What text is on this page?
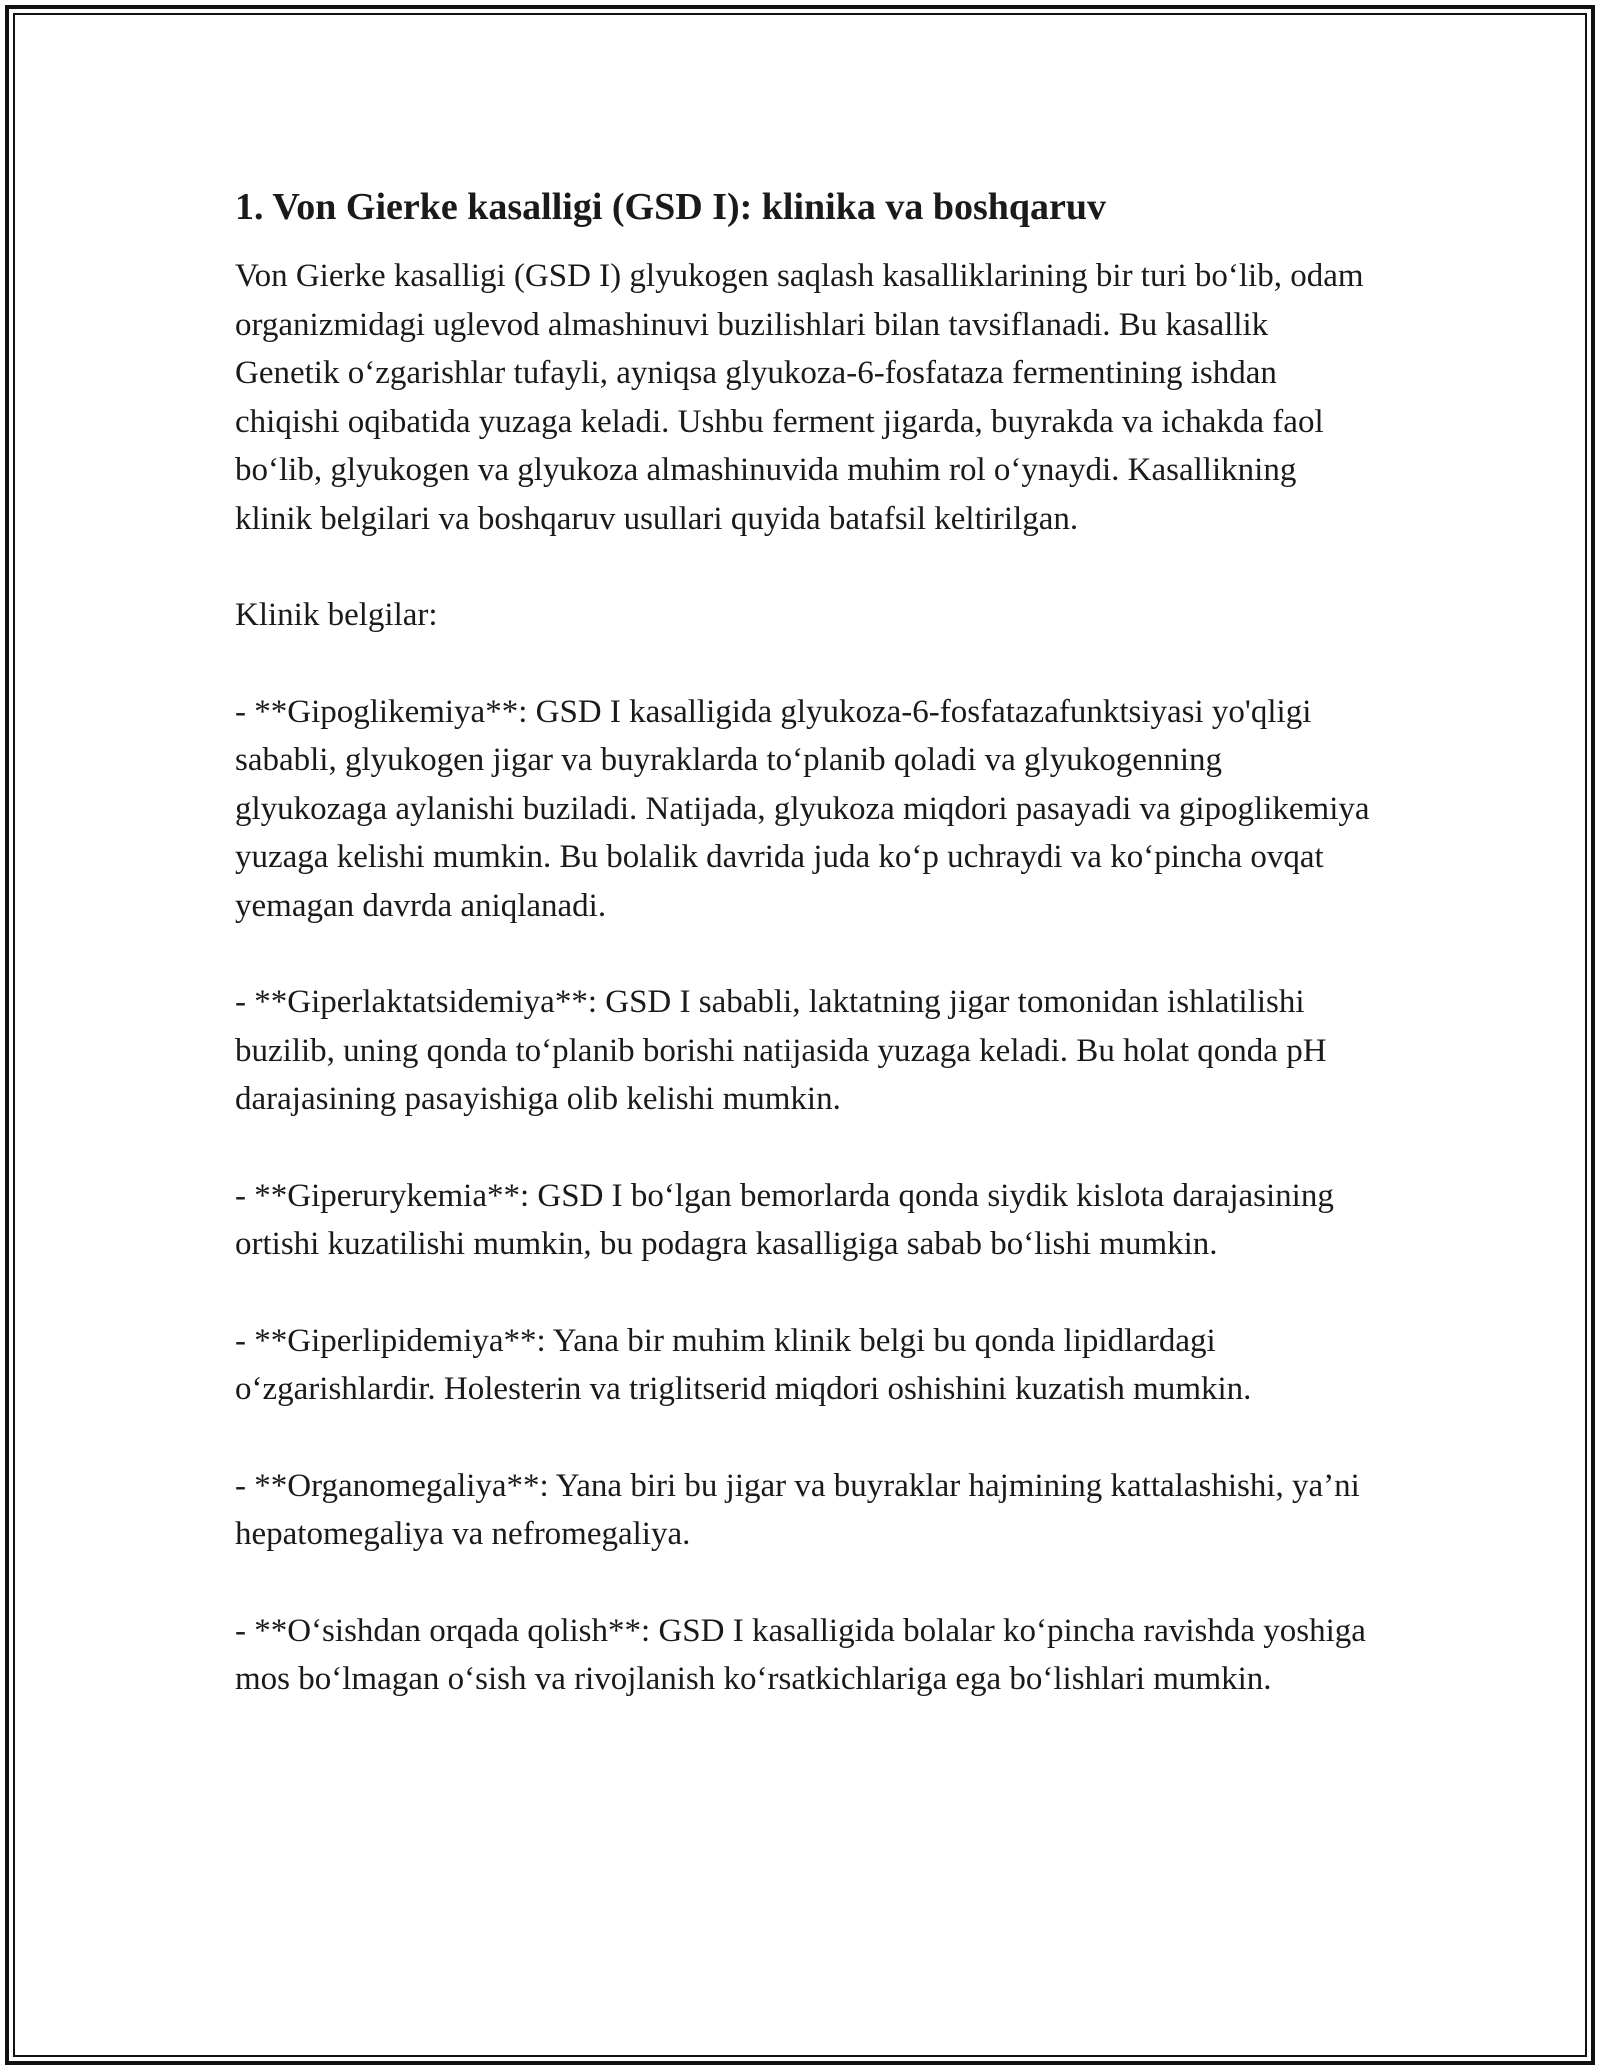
1. Von Gierke kasalligi (GSD I): klinika va boshqaruv

Von Gierke kasalligi (GSD I) glyukogen saqlash kasalliklarining bir turi boʻlib, odam organizmidagi uglevod almashinuvi buzilishlari bilan tavsiflanadi. Bu kasallik Genetik oʻzgarishlar tufayli, ayniqsa glyukoza-6-fosfataza fermentining ishdan chiqishi oqibatida yuzaga keladi. Ushbu ferment jigarda, buyrakda va ichakda faol boʻlib, glyukogen va glyukoza almashinuvida muhim rol oʻynaydi. Kasallikning klinik belgilari va boshqaruv usullari quyida batafsil keltirilgan.

Klinik belgilar:

- **Gipoglikemiya**: GSD I kasalligida glyukoza-6-fosfatazafunktsiyasi yo'qligi sababli, glyukogen jigar va buyraklarda toʻplanib qoladi va glyukogenning glyukozaga aylanishi buziladi. Natijada, glyukoza miqdori pasayadi va gipoglikemiya yuzaga kelishi mumkin. Bu bolalik davrida juda koʻp uchraydi va koʻpincha ovqat yemagan davrda aniqlanadi.

- **Giperlaktatsidemiya**: GSD I sababli, laktatning jigar tomonidan ishlatilishi buzilib, uning qonda toʻplanib borishi natijasida yuzaga keladi. Bu holat qonda pH darajasining pasayishiga olib kelishi mumkin.

- **Giperurykemia**: GSD I boʻlgan bemorlarda qonda siydik kislota darajasining ortishi kuzatilishi mumkin, bu podagra kasalligiga sabab boʻlishi mumkin.

- **Giperlipidemiya**: Yana bir muhim klinik belgi bu qonda lipidlardagi oʻzgarishlardir. Holesterin va triglitserid miqdori oshishini kuzatish mumkin.

- **Organomegaliya**: Yana biri bu jigar va buyraklar hajmining kattalashishi, ya’ni hepatomegaliya va nefromegaliya.

- **Oʻsishdan orqada qolish**: GSD I kasalligida bolalar koʻpincha ravishda yoshiga mos boʻlmagan oʻsish va rivojlanish koʻrsatkichlariga ega boʻlishlari mumkin.
